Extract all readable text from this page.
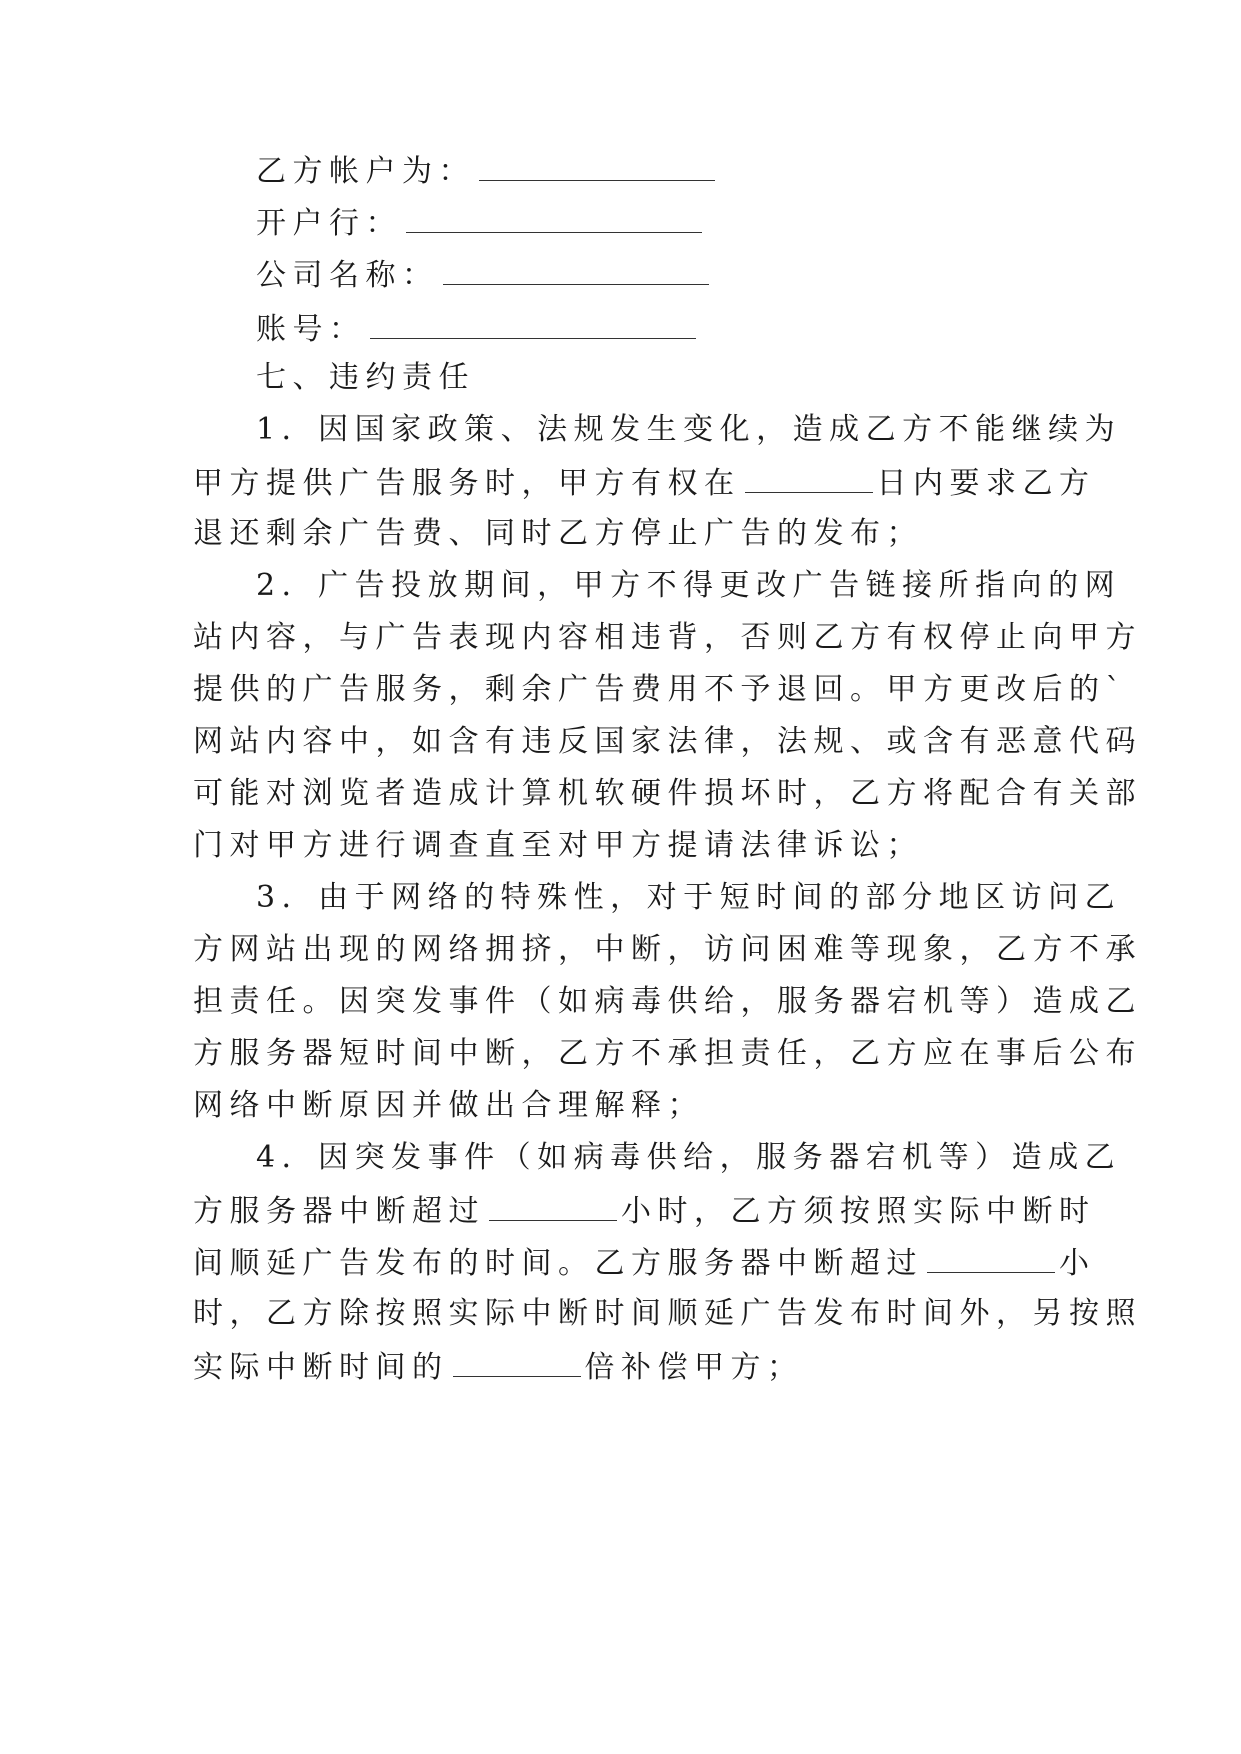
乙方帐户为：
开户行：
公司名称：
账号：
七、违约责任
1．因国家政策、法规发生变化，造成乙方不能继续为
甲方提供广告服务时，甲方有权在	日内要求乙方
退还剩余广告费、同时乙方停止广告的发布；
2．广告投放期间，甲方不得更改广告链接所指向的网
站内容，与广告表现内容相违背，否则乙方有权停止向甲方
提供的广告服务，剩余广告费用不予退回。甲方更改后的`
网站内容中，如含有违反国家法律，法规、或含有恶意代码
可能对浏览者造成计算机软硬件损坏时，乙方将配合有关部
门对甲方进行调查直至对甲方提请法律诉讼；
3．由于网络的特殊性，对于短时间的部分地区访问乙
方网站出现的网络拥挤，中断，访问困难等现象，乙方不承
担责任。因突发事件（如病毒供给，服务器宕机等）造成乙
方服务器短时间中断，乙方不承担责任，乙方应在事后公布
网络中断原因并做出合理解释；
4．因突发事件（如病毒供给，服务器宕机等）造成乙
方服务器中断超过	小时，乙方须按照实际中断时
间顺延广告发布的时间。乙方服务器中断超过	小
时，乙方除按照实际中断时间顺延广告发布时间外，另按照
实际中断时间的	倍补偿甲方；
